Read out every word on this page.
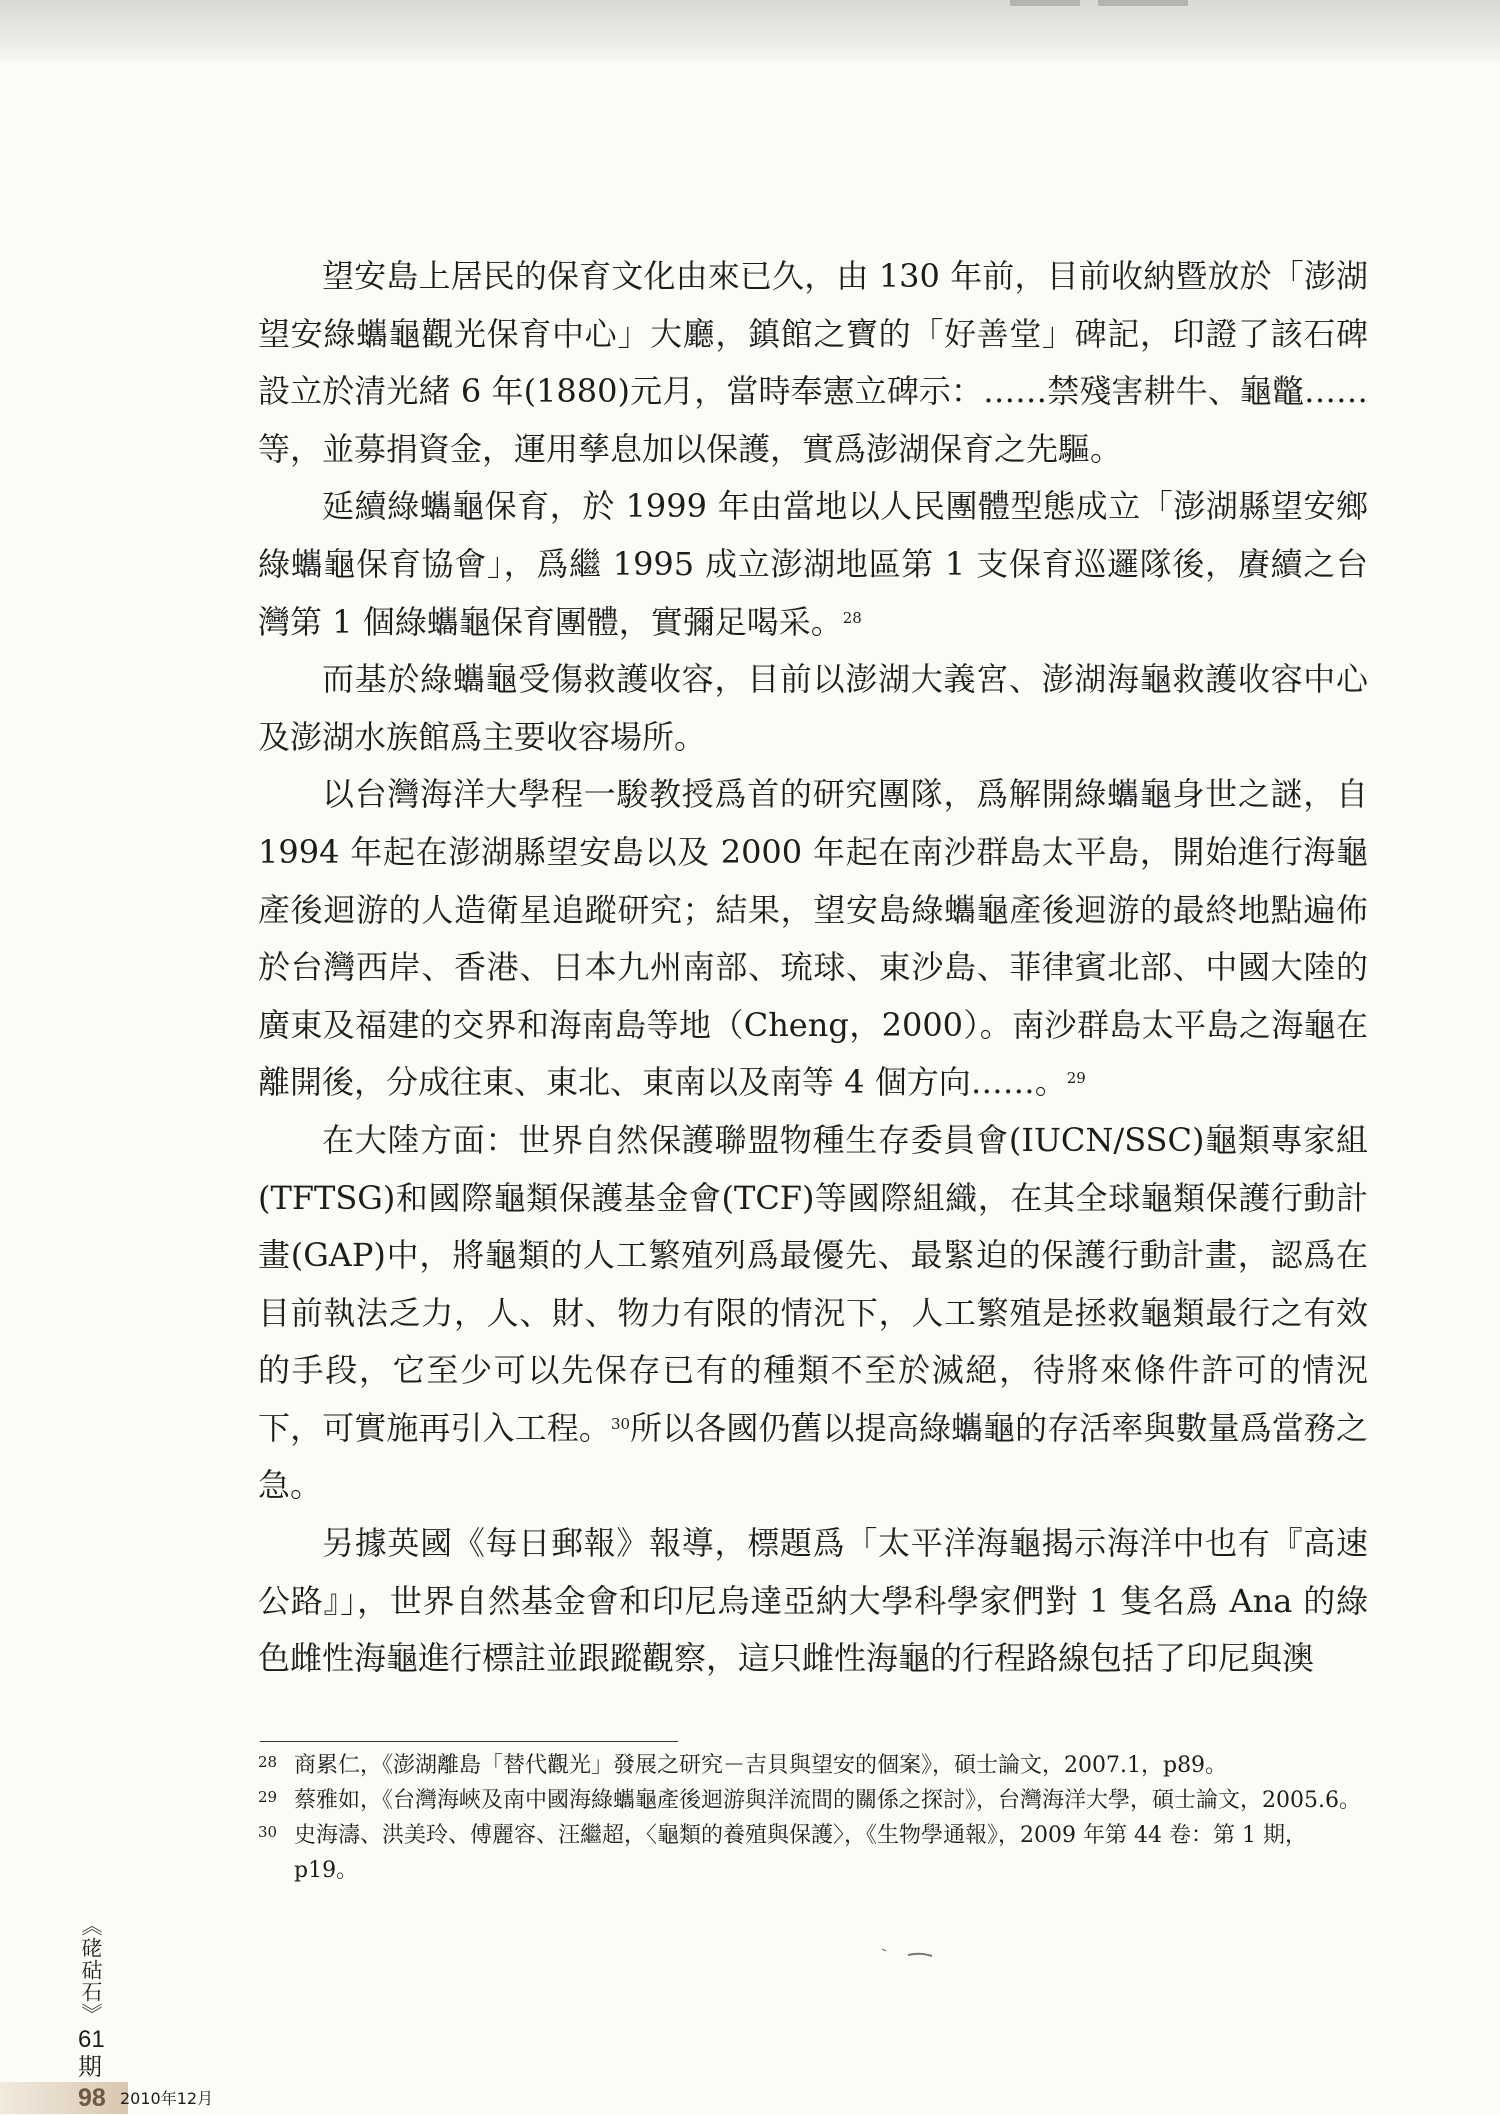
望安島上居民的保育文化由來已久，由 130 年前，目前收納暨放於「澎湖望安綠蠵龜觀光保育中心」大廳，鎮館之寶的「好善堂」碑記，印證了該石碑設立於清光緒 6 年(1880)元月，當時奉憲立碑示：……禁殘害耕牛、龜鼈……等，並募捐資金，運用孳息加以保護，實爲澎湖保育之先驅。

延續綠蠵龜保育，於 1999 年由當地以人民團體型態成立「澎湖縣望安鄉綠蠵龜保育協會」，爲繼 1995 成立澎湖地區第 1 支保育巡邏隊後，賡續之台灣第 1 個綠蠵龜保育團體，實彌足喝采。$^{28}$

而基於綠蠵龜受傷救護收容，目前以澎湖大義宮、澎湖海龜救護收容中心及澎湖水族館爲主要收容場所。

以台灣海洋大學程一駿教授爲首的研究團隊，爲解開綠蠵龜身世之謎，自 1994 年起在澎湖縣望安島以及 2000 年起在南沙群島太平島，開始進行海龜產後迴游的人造衛星追蹤研究；結果，望安島綠蠵龜產後迴游的最終地點遍佈於台灣西岸、香港、日本九州南部、琉球、東沙島、菲律賓北部、中國大陸的廣東及福建的交界和海南島等地（Cheng，2000）。南沙群島太平島之海龜在離開後，分成往東、東北、東南以及南等 4 個方向……。$^{29}$

在大陸方面：世界自然保護聯盟物種生存委員會(IUCN/SSC)龜類專家組(TFTSG)和國際龜類保護基金會(TCF)等國際組織，在其全球龜類保護行動計畫(GAP)中，將龜類的人工繁殖列爲最優先、最緊迫的保護行動計畫，認爲在目前執法乏力，人、財、物力有限的情況下，人工繁殖是拯救龜類最行之有效的手段，它至少可以先保存已有的種類不至於滅絕，待將來條件許可的情況下，可實施再引入工程。$^{30}$所以各國仍舊以提高綠蠵龜的存活率與數量爲當務之急。

另據英國《每日郵報》報導，標題爲「太平洋海龜揭示海洋中也有『高速公路』」，世界自然基金會和印尼烏達亞納大學科學家們對 1 隻名爲 Ana 的綠色雌性海龜進行標註並跟蹤觀察，這只雌性海龜的行程路線包括了印尼與澳

28 商累仁，《澎湖離島「替代觀光」發展之研究－吉貝與望安的個案》，碩士論文，2007.1，p89。
29 蔡雅如，《台灣海峽及南中國海綠蠵龜產後迴游與洋流間的關係之探討》，台灣海洋大學，碩士論文，2005.6。
30 史海濤、洪美玲、傅麗容、汪繼超，〈龜類的養殖與保護〉，《生物學通報》，2009 年第 44 卷：第 1 期，p19。
《硓𥑮石》
61
期
98 2010年12月
